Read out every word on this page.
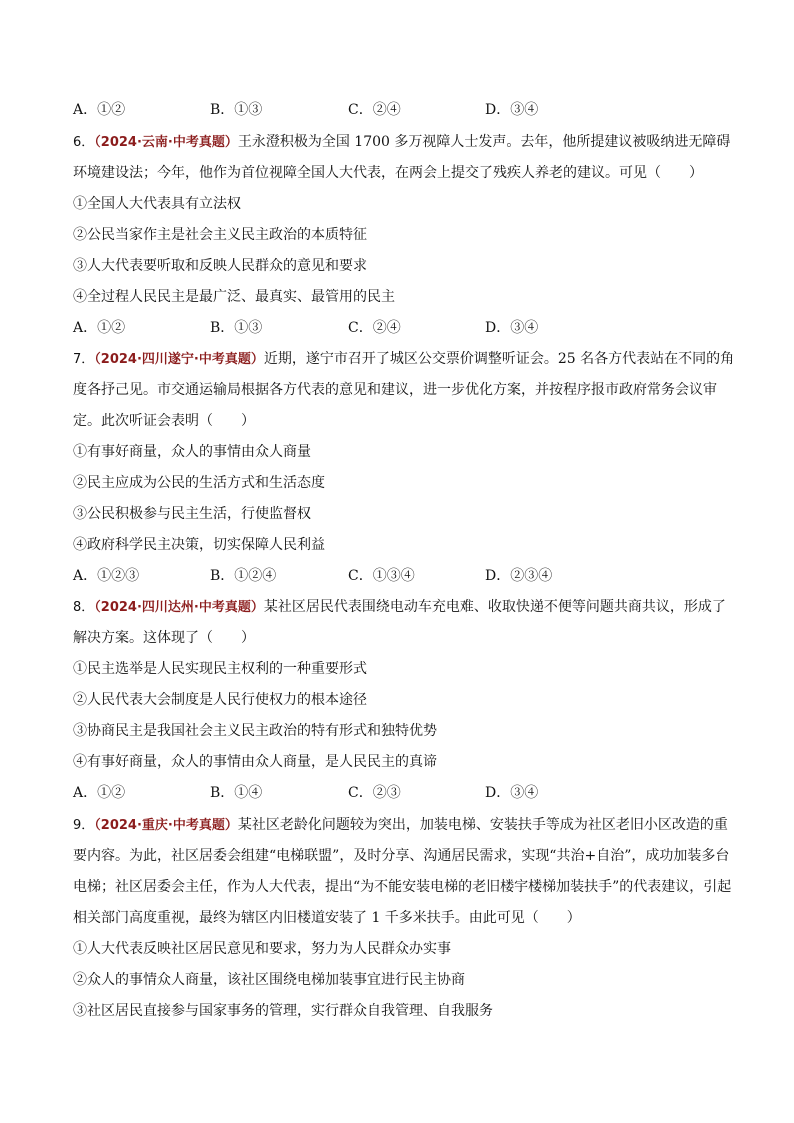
A．①②	B．①③	C．②④	D．③④
6．（2024·云南·中考真题）王永澄积极为全国 1700 多万视障人士发声。去年，他所提建议被吸纳进无障碍
环境建设法；今年，他作为首位视障全国人大代表，在两会上提交了残疾人养老的建议。可见（　　）
①全国人大代表具有立法权
②公民当家作主是社会主义民主政治的本质特征
③人大代表要听取和反映人民群众的意见和要求
④全过程人民民主是最广泛、最真实、最管用的民主
A．①②	B．①③	C．②④	D．③④
7．（2024·四川遂宁·中考真题）近期，遂宁市召开了城区公交票价调整听证会。25 名各方代表站在不同的角
度各抒己见。市交通运输局根据各方代表的意见和建议，进一步优化方案，并按程序报市政府常务会议审
定。此次听证会表明（　　）
①有事好商量，众人的事情由众人商量
②民主应成为公民的生活方式和生活态度
③公民积极参与民主生活，行使监督权
④政府科学民主决策，切实保障人民利益
A．①②③	B．①②④	C．①③④	D．②③④
8．（2024·四川达州·中考真题）某社区居民代表围绕电动车充电难、收取快递不便等问题共商共议，形成了
解决方案。这体现了（　　）
①民主选举是人民实现民主权利的一种重要形式
②人民代表大会制度是人民行使权力的根本途径
③协商民主是我国社会主义民主政治的特有形式和独特优势
④有事好商量，众人的事情由众人商量，是人民民主的真谛
A．①②	B．①④	C．②③	D．③④
9．（2024·重庆·中考真题）某社区老龄化问题较为突出，加装电梯、安装扶手等成为社区老旧小区改造的重
要内容。为此，社区居委会组建“电梯联盟”，及时分享、沟通居民需求，实现“共治+自治”，成功加装多台
电梯；社区居委会主任，作为人大代表，提出“为不能安装电梯的老旧楼宇楼梯加装扶手”的代表建议，引起
相关部门高度重视，最终为辖区内旧楼道安装了 1 千多米扶手。由此可见（　　）
①人大代表反映社区居民意见和要求，努力为人民群众办实事
②众人的事情众人商量，该社区围绕电梯加装事宜进行民主协商
③社区居民直接参与国家事务的管理，实行群众自我管理、自我服务
